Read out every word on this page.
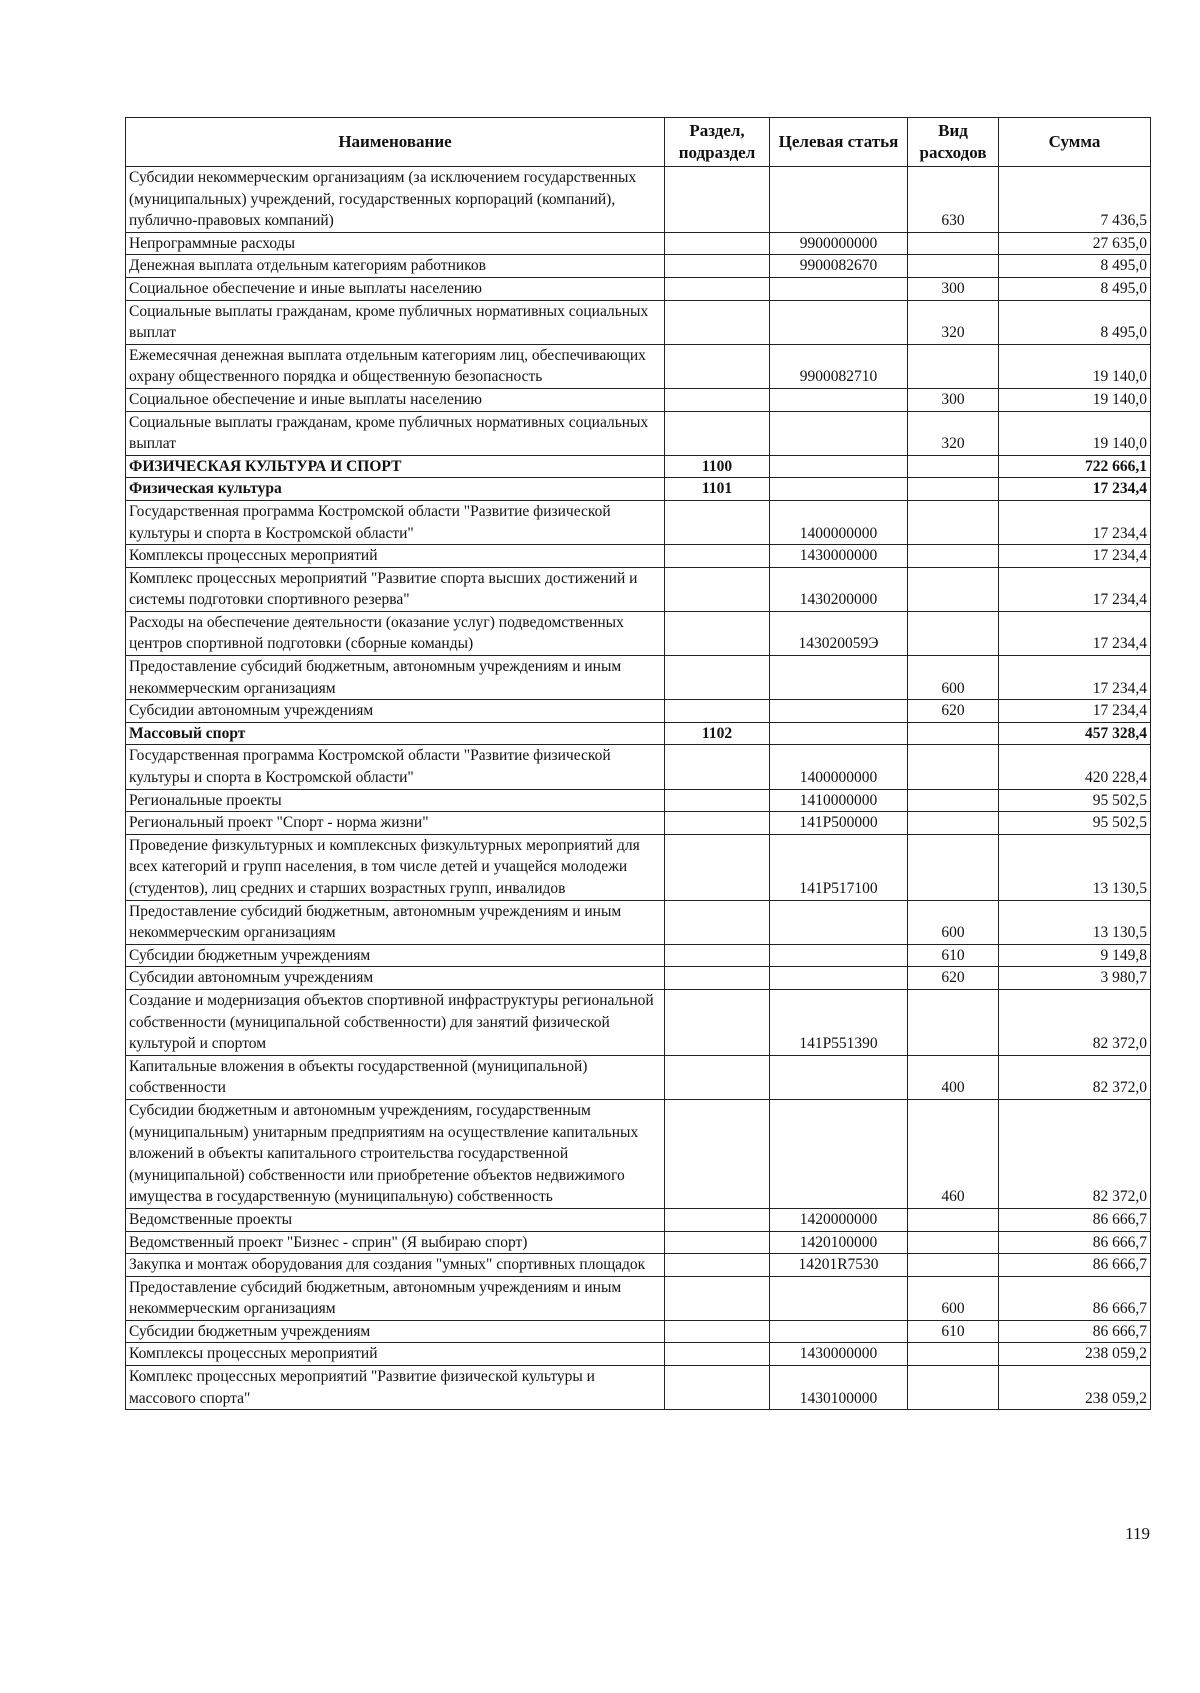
Наименование	Раздел, подраздел	Целевая статья	Вид расходов	Сумма
Субсидии некоммерческим организациям (за исключением государственных (муниципальных) учреждений, государственных корпораций (компаний), публично-правовых компаний)			630	7 436,5
Непрограммные расходы		9900000000		27 635,0
Денежная выплата отдельным категориям работников		9900082670		8 495,0
Социальное обеспечение и иные выплаты населению			300	8 495,0
Социальные выплаты гражданам, кроме публичных нормативных социальных выплат			320	8 495,0
Ежемесячная денежная выплата отдельным категориям лиц, обеспечивающих охрану общественного порядка и общественную безопасность		9900082710		19 140,0
Социальное обеспечение и иные выплаты населению			300	19 140,0
Социальные выплаты гражданам, кроме публичных нормативных социальных выплат			320	19 140,0
ФИЗИЧЕСКАЯ КУЛЬТУРА И СПОРТ	1100			722 666,1
Физическая культура	1101			17 234,4
Государственная программа Костромской области "Развитие физической культуры и спорта в Костромской области"		1400000000		17 234,4
Комплексы процессных мероприятий		1430000000		17 234,4
Комплекс процессных мероприятий "Развитие спорта высших достижений и системы подготовки спортивного резерва"		1430200000		17 234,4
Расходы на обеспечение деятельности (оказание услуг) подведомственных центров спортивной подготовки (сборные команды)		143020059Э		17 234,4
Предоставление субсидий бюджетным, автономным учреждениям и иным некоммерческим организациям			600	17 234,4
Субсидии автономным учреждениям			620	17 234,4
Массовый спорт	1102			457 328,4
Государственная программа Костромской области "Развитие физической культуры и спорта в Костромской области"		1400000000		420 228,4
Региональные проекты		1410000000		95 502,5
Региональный проект "Спорт - норма жизни"		141P500000		95 502,5
Проведение физкультурных и комплексных физкультурных мероприятий для всех категорий и групп населения, в том числе детей и учащейся молодежи (студентов), лиц средних и старших возрастных групп, инвалидов		141P517100		13 130,5
Предоставление субсидий бюджетным, автономным учреждениям и иным некоммерческим организациям			600	13 130,5
Субсидии бюджетным учреждениям			610	9 149,8
Субсидии автономным учреждениям			620	3 980,7
Создание и модернизация объектов спортивной инфраструктуры региональной собственности (муниципальной собственности) для занятий физической культурой и спортом		141P551390		82 372,0
Капитальные вложения в объекты государственной (муниципальной) собственности			400	82 372,0
Субсидии бюджетным и автономным учреждениям, государственным (муниципальным) унитарным предприятиям на осуществление капитальных вложений в объекты капитального строительства государственной (муниципальной) собственности или приобретение объектов недвижимого имущества в государственную (муниципальную) собственность			460	82 372,0
Ведомственные проекты		1420000000		86 666,7
Ведомственный проект "Бизнес - сприн" (Я выбираю спорт)		1420100000		86 666,7
Закупка и монтаж оборудования для создания "умных" спортивных площадок		14201R7530		86 666,7
Предоставление субсидий бюджетным, автономным учреждениям и иным некоммерческим организациям			600	86 666,7
Субсидии бюджетным учреждениям			610	86 666,7
Комплексы процессных мероприятий		1430000000		238 059,2
Комплекс процессных мероприятий "Развитие физической культуры и массового спорта"		1430100000		238 059,2
119
